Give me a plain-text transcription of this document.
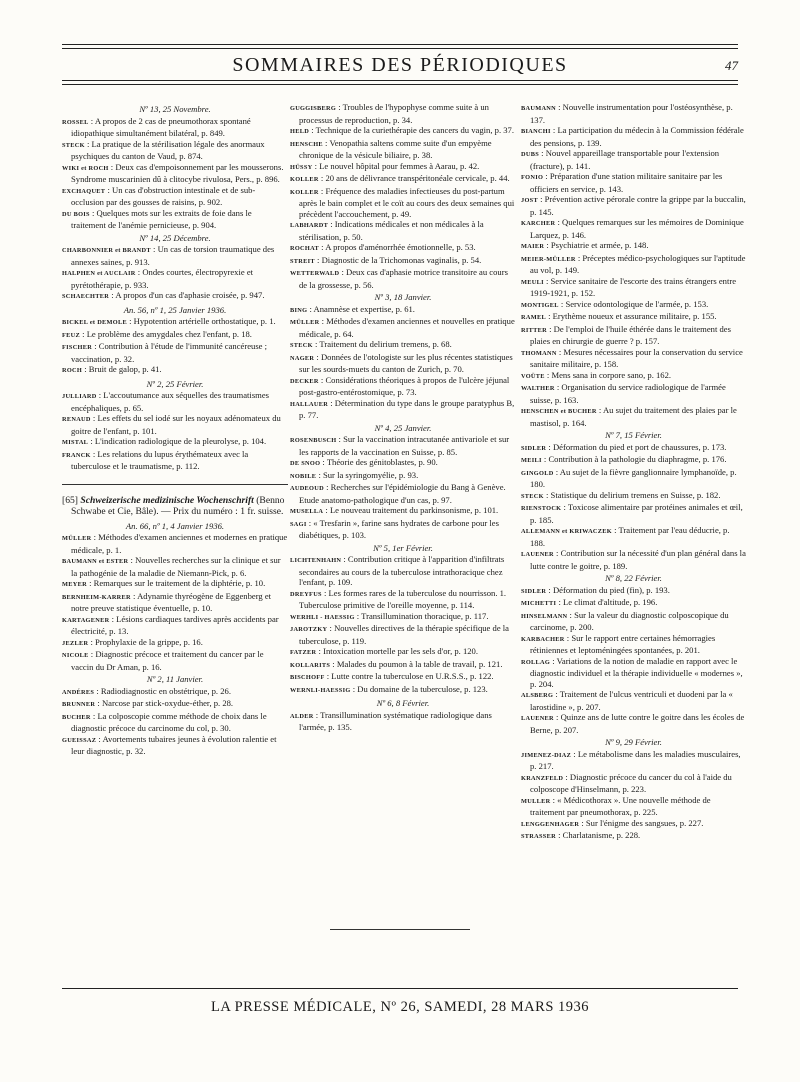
SOMMAIRES DES PÉRIODIQUES	47

Nº 13, 25 Novembre.

ROSSEL : A propos de 2 cas de pneumothorax spontané idiopathique simultanément bilatéral, p. 849.

STECK : La pratique de la stérilisation légale des anormaux psychiques du canton de Vaud, p. 874.

WIKI et ROCH : Deux cas d'empoisonnement par les mousserons. Syndrome muscarinien dû à clitocybe rivulosa, Pers., p. 896.

EXCHAQUET : Un cas d'obstruction intestinale et de sub-occlusion par des gousses de raisins, p. 902.

DU BOIS : Quelques mots sur les extraits de foie dans le traitement de l'anémie pernicieuse, p. 904.

Nº 14, 25 Décembre.

CHARBONNIER et BRANDT : Un cas de torsion traumatique des annexes saines, p. 913.

HALPHEN et AUCLAIR : Ondes courtes, électropyrexie et pyrétothérapie, p. 933.

SCHAECHTER : A propos d'un cas d'aphasie croisée, p. 947.

An. 56, nº 1, 25 Janvier 1936.

BICKEL et DEMOLE : Hypotention artérielle orthostatique, p. 1.

FEUZ : Le problème des amygdales chez l'enfant, p. 18.

FISCHER : Contribution à l'étude de l'immunité cancéreuse ; vaccination, p. 32.

ROCH : Bruit de galop, p. 41.

Nº 2, 25 Février.

JULLIARD : L'accoutumance aux séquelles des traumatismes encéphaliques, p. 65.

RENAUD : Les effets du sel iodé sur les noyaux adénomateux du goitre de l'enfant, p. 101.

MISTAL : L'indication radiologique de la pleurolyse, p. 104.

FRANCK : Les relations du lupus érythémateux avec la tuberculose et le traumatisme, p. 112.

[65] Schweizerische medizinische Wochenschrift (Benno Schwabe et Cie, Bâle). — Prix du numéro : 1 fr. suisse.

An. 66, nº 1, 4 Janvier 1936.

MÜLLER : Méthodes d'examen anciennes et modernes en pratique médicale, p. 1.

BAUMANN et ESTER : Nouvelles recherches sur la clinique et sur la pathogénie de la maladie de Niemann-Pick, p. 6.

MEYER : Remarques sur le traitement de la diphtérie, p. 10.

BERNHEIM-KARRER : Adynamie thyréogène de Eggenberg et notre preuve statistique éventuelle, p. 10.

KARTAGENER : Lésions cardiaques tardives après accidents par électricité, p. 13.

JEZLER : Prophylaxie de la grippe, p. 16.

NICOLE : Diagnostic précoce et traitement du cancer par le vaccin du Dr Aman, p. 16.

Nº 2, 11 Janvier.

ANDÉRES : Radiodiagnostic en obstétrique, p. 26.

BRUNNER : Narcose par stick-oxydue-éther, p. 28.

BUCHER : La colposcopie comme méthode de choix dans le diagnostic précoce du carcinome du col, p. 30.

GUEISSAZ : Avortements tubaires jeunes à évolution ralentie et leur diagnostic, p. 32.

GUGGISBERG : Troubles de l'hypophyse comme suite à un processus de reproduction, p. 34.

HELD : Technique de la curiethérapie des cancers du vagin, p. 37.

HENSCHE : Venopathia saltens comme suite d'un empyème chronique de la vésicule biliaire, p. 38.

HÜSSY : Le nouvel hôpital pour femmes à Aarau, p. 42.

KOLLER : 20 ans de délivrance transpéritonéale cervicale, p. 44.

KOLLER : Fréquence des maladies infectieuses du post-partum après le bain complet et le coït au cours des deux semaines qui précèdent l'accouchement, p. 49.

LABHARDT : Indications médicales et non médicales à la stérilisation, p. 50.

ROCHAT : A propos d'aménorrhée émotionnelle, p. 53.

STREIT : Diagnostic de la Trichomonas vaginalis, p. 54.

WETTERWALD : Deux cas d'aphasie motrice transitoire au cours de la grossesse, p. 56.

Nº 3, 18 Janvier.

BING : Anamnèse et expertise, p. 61.

MÜLLER : Méthodes d'examen anciennes et nouvelles en pratique médicale, p. 64.

STECK : Traitement du delirium tremens, p. 68.

NAGER : Données de l'otologiste sur les plus récentes statistiques sur les sourds-muets du canton de Zurich, p. 70.

DECKER : Considérations théoriques à propos de l'ulcère jéjunal post-gastro-entérostomique, p. 73.

HALLAUER : Détermination du type dans le groupe paratyphus B, p. 77.

Nº 4, 25 Janvier.

ROSENBUSCH : Sur la vaccination intracutanée antivariole et sur les rapports de la vaccination en Suisse, p. 85.

DE SNOO : Théorie des génitoblastes, p. 90.

NOBILE : Sur la syringomyélie, p. 93.

AUDEOUD : Recherches sur l'épidémiologie du Bang à Genève. Etude anatomo-pathologique d'un cas, p. 97.

MUSELLA : Le nouveau traitement du parkinsonisme, p. 101.

SAGI : « Tresfarin », farine sans hydrates de carbone pour les diabétiques, p. 103.

Nº 5, 1er Février.

LICHTENHAHN : Contribution critique à l'apparition d'infiltrats secondaires au cours de la tuberculose intrathoracique chez l'enfant, p. 109.

DREYFUS : Les formes rares de la tuberculose du nourrisson. 1. Tuberculose primitive de l'oreille moyenne, p. 114.

WERHLI - HAESSIG : Transillumination thoracique, p. 117.

JAROTZKY : Nouvelles directives de la thérapie spécifique de la tuberculose, p. 119.

FATZER : Intoxication mortelle par les sels d'or, p. 120.

KOLLARITS : Malades du poumon à la table de travail, p. 121.

BISCHOFF : Lutte contre la tuberculose en U.R.S.S., p. 122.

WERNLI-HAESSIG : Du domaine de la tuberculose, p. 123.

Nº 6, 8 Février.

ALDER : Transillumination systématique radiologique dans l'armée, p. 135.

BAUMANN : Nouvelle instrumentation pour l'ostéosynthèse, p. 137.

BIANCHI : La participation du médecin à la Commission fédérale des pensions, p. 139.

DUBS : Nouvel appareillage transportable pour l'extension (fracture), p. 141.

FONIO : Préparation d'une station militaire sanitaire par les officiers en service, p. 143.

JOST : Prévention active pérorale contre la grippe par la buccalin, p. 145.

KARCHER : Quelques remarques sur les mémoires de Dominique Larquez, p. 146.

MAIER : Psychiatrie et armée, p. 148.

MEIER-MÜLLER : Préceptes médico-psychologiques sur l'aptitude au vol, p. 149.

MEULI : Service sanitaire de l'escorte des trains étrangers entre 1919-1921, p. 152.

MONTIGEL : Service odontologique de l'armée, p. 153.

RAMEL : Erythème noueux et assurance militaire, p. 155.

RITTER : De l'emploi de l'huile éthérée dans le traitement des plaies en chirurgie de guerre ? p. 157.

THOMANN : Mesures nécessaires pour la conservation du service sanitaire militaire, p. 158.

VOÜTE : Mens sana in corpore sano, p. 162.

WALTHER : Organisation du service radiologique de l'armée suisse, p. 163.

HENSCHEN et BUCHER : Au sujet du traitement des plaies par le mastisol, p. 164.

Nº 7, 15 Février.

SIDLER : Déformation du pied et port de chaussures, p. 173.

MEILI : Contribution à la pathologie du diaphragme, p. 176.

GINGOLD : Au sujet de la fièvre ganglionnaire lymphanoïde, p. 180.

STECK : Statistique du delirium tremens en Suisse, p. 182.

RIENSTOCK : Toxicose alimentaire par protéines animales et œil, p. 185.

ALLEMANN et KRIWACZEK : Traitement par l'eau déducrie, p. 188.

LAUENER : Contribution sur la nécessité d'un plan général dans la lutte contre le goitre, p. 189.

Nº 8, 22 Février.

SIDLER : Déformation du pied (fin), p. 193.

MICHETTI : Le climat d'altitude, p. 196.

HINSELMANN : Sur la valeur du diagnostic colposcopique du carcinome, p. 200.

KARBACHER : Sur le rapport entre certaines hémorragies rétiniennes et leptoméningées spontanées, p. 201.

ROLLAG : Variations de la notion de maladie en rapport avec le diagnostic individuel et la thérapie individuelle « modernes », p. 204.

ALSBERG : Traitement de l'ulcus ventriculi et duodeni par la « larostidine », p. 207.

LAUENER : Quinze ans de lutte contre le goitre dans les écoles de Berne, p. 207.

Nº 9, 29 Février.

JIMENEZ-DIAZ : Le métabolisme dans les maladies musculaires, p. 217.

KRANZFELD : Diagnostic précoce du cancer du col à l'aide du colposcope d'Hinselmann, p. 223.

MULLER : « Médicothorax ». Une nouvelle méthode de traitement par pneumothorax, p. 225.

LENGGENHAGER : Sur l'énigme des sangsues, p. 227.

STRASSER : Charlatanisme, p. 228.

LA PRESSE MÉDICALE, Nº 26, SAMEDI, 28 MARS 1936
